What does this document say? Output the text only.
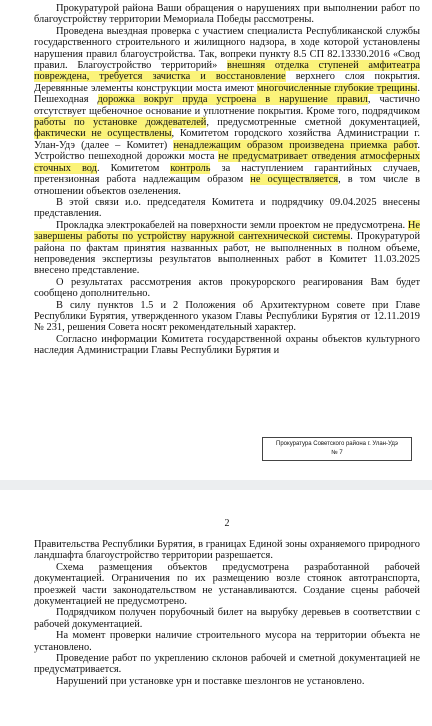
Прокуратурой района Ваши обращения о нарушениях при выполнении работ по благоустройству территории Мемориала Победы рассмотрены.

Проведена выездная проверка с участием специалиста Республиканской службы государственного строительного и жилищного надзора, в ходе которой установлены нарушения правил благоустройства. Так, вопреки пункту 8.5 СП 82.13330.2016 «Свод правил. Благоустройство территорий» внешняя отделка ступеней амфитеатра повреждена, требуется зачистка и восстановление верхнего слоя покрытия. Деревянные элементы конструкции моста имеют многочисленные глубокие трещины. Пешеходная дорожка вокруг пруда устроена в нарушение правил, частично отсутствует щебеночное основание и уплотнение покрытия. Кроме того, подрядчиком работы по установке дождевателей, предусмотренные сметной документацией, фактически не осуществлены, Комитетом городского хозяйства Администрации г. Улан-Удэ (далее – Комитет) ненадлежащим образом произведена приемка работ. Устройство пешеходной дорожки моста не предусматривает отведения атмосферных сточных вод. Комитетом контроль за наступлением гарантийных случаев, претензионная работа надлежащим образом не осуществляется, в том числе в отношении объектов озеленения.

В этой связи и.о. председателя Комитета и подрядчику 09.04.2025 внесены представления.

Прокладка электрокабелей на поверхности земли проектом не предусмотрена. Не завершены работы по устройству наружной сантехнической системы. Прокуратурой района по фактам принятия названных работ, не выполненных в полном объеме, непроведения экспертизы результатов выполненных работ в Комитет 11.03.2025 внесено представление.

О результатах рассмотрения актов прокурорского реагирования Вам будет сообщено дополнительно.

В силу пунктов 1.5 и 2 Положения об Архитектурном совете при Главе Республики Бурятия, утвержденного указом Главы Республики Бурятия от 12.11.2019 № 231, решения Совета носят рекомендательный характер.

Согласно информации Комитета государственной охраны объектов культурного наследия Администрации Главы Республики Бурятия и

Прокуратура Советского района г. Улан-Удэ
№ 7
2

Правительства Республики Бурятия, в границах Единой зоны охраняемого природного ландшафта благоустройство территории разрешается.

Схема размещения объектов предусмотрена разработанной рабочей документацией. Ограничения по их размещению возле стоянок автотранспорта, проезжей части законодательством не устанавливаются. Создание сцены рабочей документацией не предусмотрено.

Подрядчиком получен порубочный билет на вырубку деревьев в соответствии с рабочей документацией.

На момент проверки наличие строительного мусора на территории объекта не установлено.

Проведение работ по укреплению склонов рабочей и сметной документацией не предусматривается.

Нарушений при установке урн и поставке шезлонгов не установлено.
